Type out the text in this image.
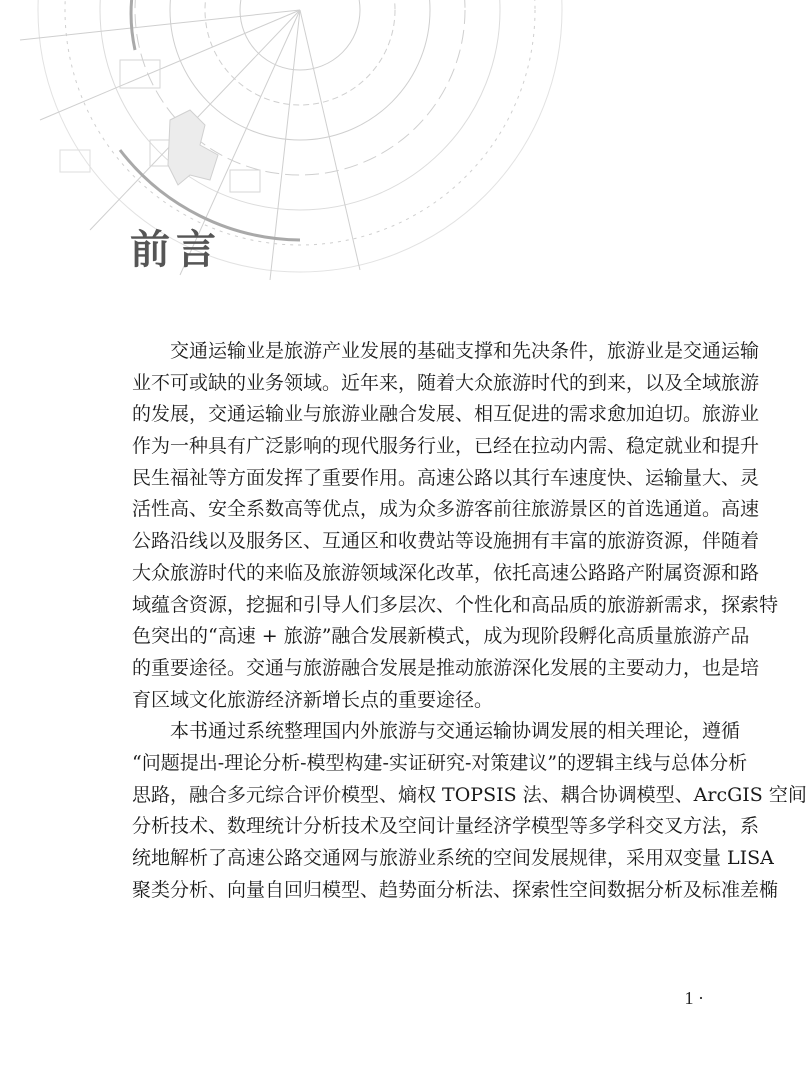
前言
交通运输业是旅游产业发展的基础支撑和先决条件，旅游业是交通运输
业不可或缺的业务领域。近年来，随着大众旅游时代的到来，以及全域旅游
的发展，交通运输业与旅游业融合发展、相互促进的需求愈加迫切。旅游业
作为一种具有广泛影响的现代服务行业，已经在拉动内需、稳定就业和提升
民生福祉等方面发挥了重要作用。高速公路以其行车速度快、运输量大、灵
活性高、安全系数高等优点，成为众多游客前往旅游景区的首选通道。高速
公路沿线以及服务区、互通区和收费站等设施拥有丰富的旅游资源，伴随着
大众旅游时代的来临及旅游领域深化改革，依托高速公路路产附属资源和路
域蕴含资源，挖掘和引导人们多层次、个性化和高品质的旅游新需求，探索特
色突出的“高速 + 旅游”融合发展新模式，成为现阶段孵化高质量旅游产品
的重要途径。交通与旅游融合发展是推动旅游深化发展的主要动力，也是培
育区域文化旅游经济新增长点的重要途径。
本书通过系统整理国内外旅游与交通运输协调发展的相关理论，遵循
“问题提出-理论分析-模型构建-实证研究-对策建议”的逻辑主线与总体分析
思路，融合多元综合评价模型、熵权 TOPSIS 法、耦合协调模型、ArcGIS 空间
分析技术、数理统计分析技术及空间计量经济学模型等多学科交叉方法，系
统地解析了高速公路交通网与旅游业系统的空间发展规律，采用双变量 LISA
聚类分析、向量自回归模型、趋势面分析法、探索性空间数据分析及标准差椭
1 ·
